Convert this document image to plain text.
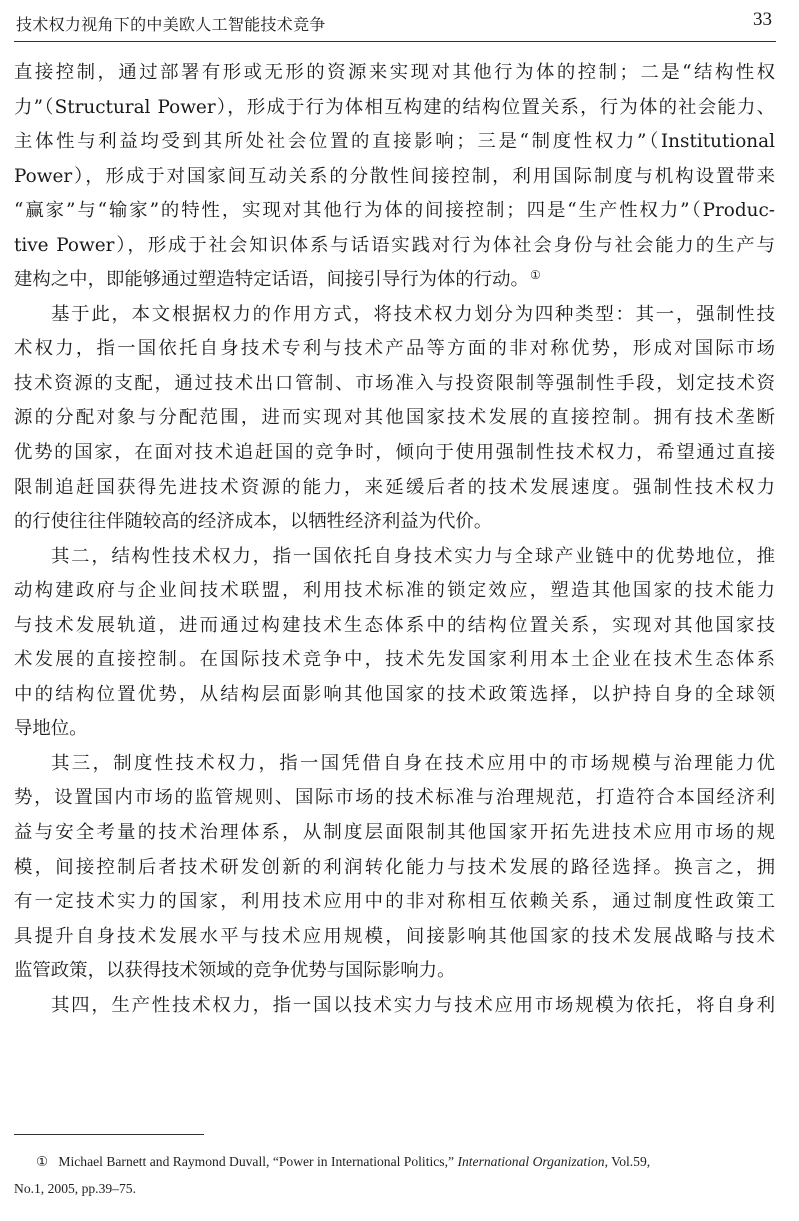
技术权力视角下的中美欧人工智能技术竞争	33
直接控制，通过部署有形或无形的资源来实现对其他行为体的控制；二是“结构性权
力”（Structural Power），形成于行为体相互构建的结构位置关系，行为体的社会能力、
主体性与利益均受到其所处社会位置的直接影响；三是“制度性权力”（Institutional
Power），形成于对国家间互动关系的分散性间接控制，利用国际制度与机构设置带来
“赢家”与“输家”的特性，实现对其他行为体的间接控制；四是“生产性权力”（Produc-
tive Power），形成于社会知识体系与话语实践对行为体社会身份与社会能力的生产与
建构之中，即能够通过塑造特定话语，间接引导行为体的行动。①
基于此，本文根据权力的作用方式，将技术权力划分为四种类型：其一，强制性技
术权力，指一国依托自身技术专利与技术产品等方面的非对称优势，形成对国际市场
技术资源的支配，通过技术出口管制、市场准入与投资限制等强制性手段，划定技术资
源的分配对象与分配范围，进而实现对其他国家技术发展的直接控制。拥有技术垄断
优势的国家，在面对技术追赶国的竞争时，倾向于使用强制性技术权力，希望通过直接
限制追赶国获得先进技术资源的能力，来延缓后者的技术发展速度。强制性技术权力
的行使往往伴随较高的经济成本，以牺牲经济利益为代价。
其二，结构性技术权力，指一国依托自身技术实力与全球产业链中的优势地位，推
动构建政府与企业间技术联盟，利用技术标准的锁定效应，塑造其他国家的技术能力
与技术发展轨道，进而通过构建技术生态体系中的结构位置关系，实现对其他国家技
术发展的直接控制。在国际技术竞争中，技术先发国家利用本土企业在技术生态体系
中的结构位置优势，从结构层面影响其他国家的技术政策选择，以护持自身的全球领
导地位。
其三，制度性技术权力，指一国凭借自身在技术应用中的市场规模与治理能力优
势，设置国内市场的监管规则、国际市场的技术标准与治理规范，打造符合本国经济利
益与安全考量的技术治理体系，从制度层面限制其他国家开拓先进技术应用市场的规
模，间接控制后者技术研发创新的利润转化能力与技术发展的路径选择。换言之，拥
有一定技术实力的国家，利用技术应用中的非对称相互依赖关系，通过制度性政策工
具提升自身技术发展水平与技术应用规模，间接影响其他国家的技术发展战略与技术
监管政策，以获得技术领域的竞争优势与国际影响力。
其四，生产性技术权力，指一国以技术实力与技术应用市场规模为依托，将自身利
① Michael Barnett and Raymond Duvall, “Power in International Politics,” International Organization, Vol.59,
No.1, 2005, pp.39–75.
